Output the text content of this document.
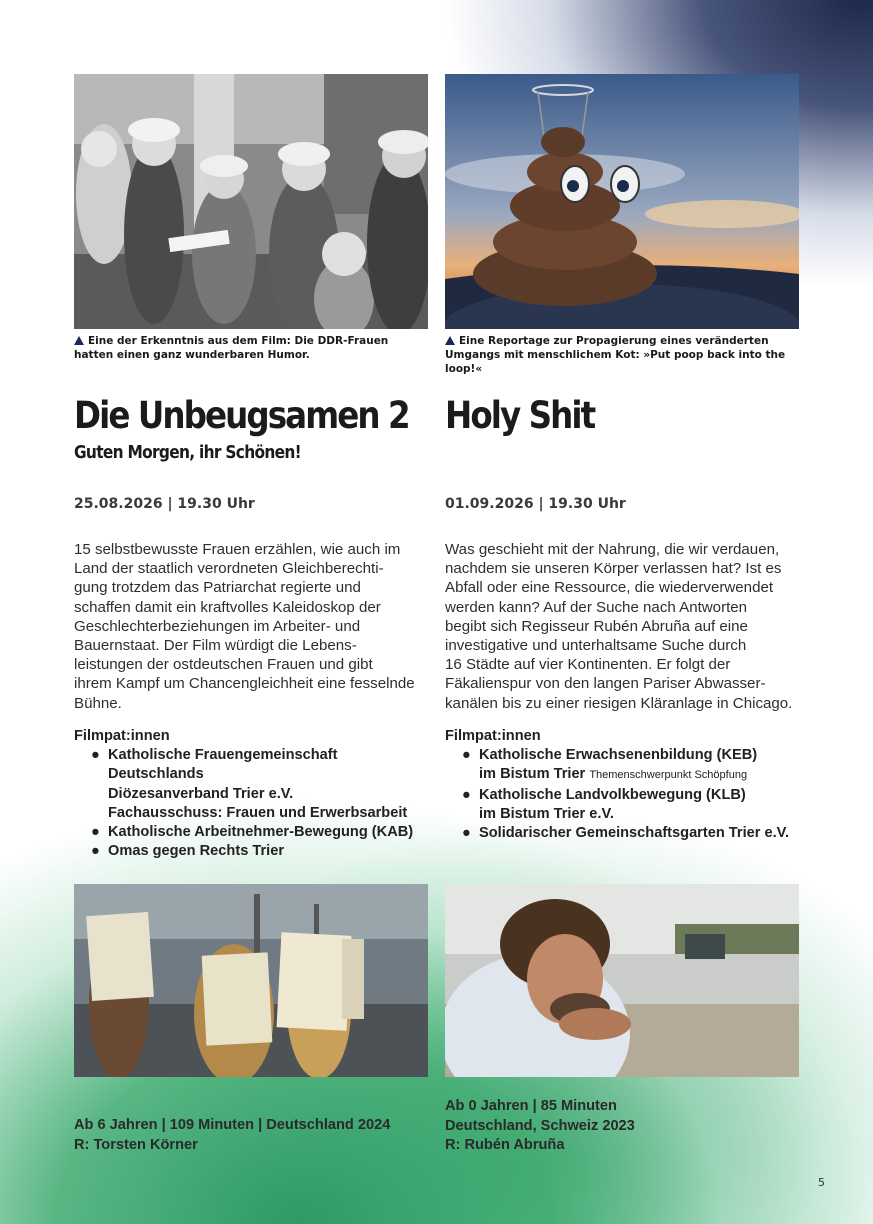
Eine der Erkenntnis aus dem Film: Die DDR-Frauen hatten einen ganz wunderbaren Humor.
Die Unbeugsamen 2
Guten Morgen, ihr Schönen!
25.08.2026 | 19.30 Uhr
15 selbstbewusste Frauen erzählen, wie auch im
Land der staatlich verordneten Gleichberechti-
gung trotzdem das Patriarchat regierte und
schaffen damit ein kraftvolles Kaleidoskop der
Geschlechterbeziehungen im Arbeiter- und
Bauernstaat. Der Film würdigt die Lebens-
leistungen der ostdeutschen Frauen und gibt
ihrem Kampf um Chancengleichheit eine fesselnde
Bühne.
Filmpat:innen
● Katholische Frauengemeinschaft Deutschlands
Diözesanverband Trier e.V.
Fachausschuss: Frauen und Erwerbsarbeit
● Katholische Arbeitnehmer-Bewegung (KAB)
● Omas gegen Rechts Trier
Ab 6 Jahren | 109 Minuten | Deutschland 2024
R: Torsten Körner
Eine Reportage zur Propagierung eines veränderten Umgangs mit menschlichem Kot: »Put poop back into the loop!«
Holy Shit
01.09.2026 | 19.30 Uhr
Was geschieht mit der Nahrung, die wir verdauen,
nachdem sie unseren Körper verlassen hat? Ist es
Abfall oder eine Ressource, die wiederverwendet
werden kann? Auf der Suche nach Antworten
begibt sich Regisseur Rubén Abruña auf eine
investigative und unterhaltsame Suche durch
16 Städte auf vier Kontinenten. Er folgt der
Fäkalienspur von den langen Pariser Abwasser-
kanälen bis zu einer riesigen Kläranlage in Chicago.
Filmpat:innen
● Katholische Erwachsenenbildung (KEB)
im Bistum Trier Themenschwerpunkt Schöpfung
● Katholische Landvolkbewegung (KLB)
im Bistum Trier e.V.
● Solidarischer Gemeinschaftsgarten Trier e.V.
Ab 0 Jahren | 85 Minuten
Deutschland, Schweiz 2023
R: Rubén Abruña
5
